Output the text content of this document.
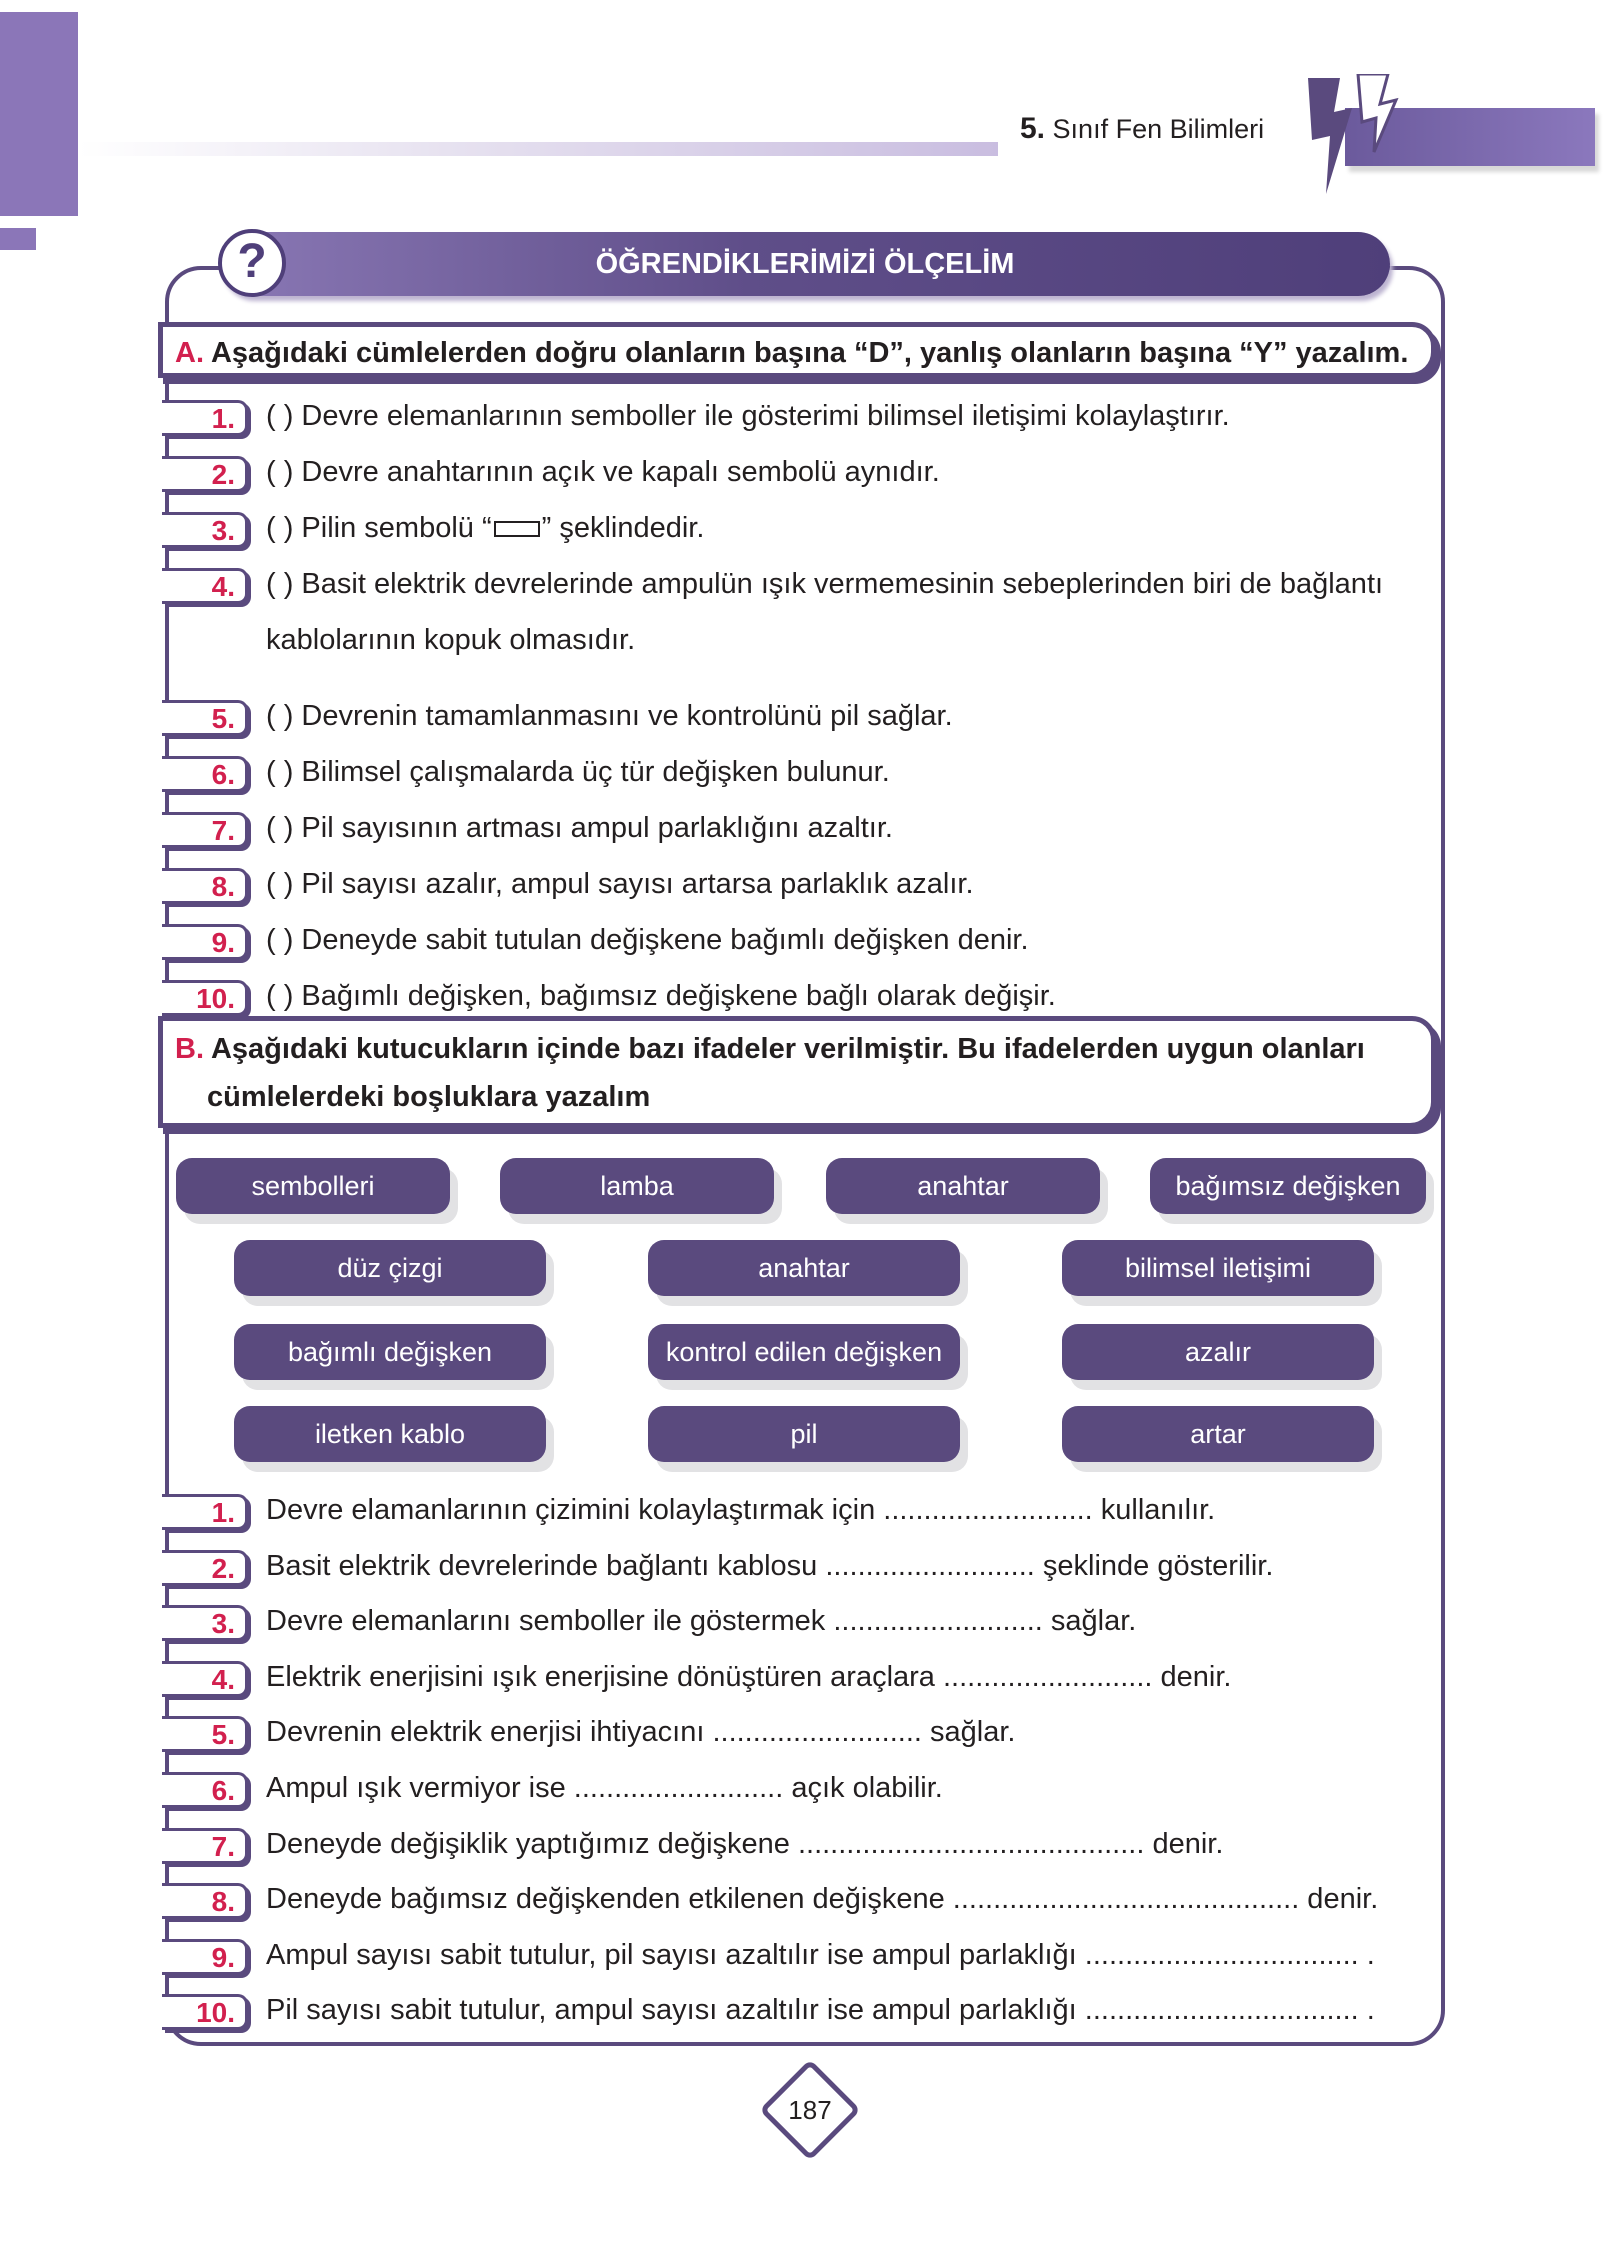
5. Sınıf Fen Bilimleri
ÖĞRENDİKLERİMİZİ ÖLÇELİM
?
A. Aşağıdaki cümlelerden doğru olanların başına “D”, yanlış olanların başına “Y” yazalım.
1. ( ) Devre elemanlarının semboller ile gösterimi bilimsel iletişimi kolaylaştırır.
2. ( ) Devre anahtarının açık ve kapalı sembolü aynıdır.
3. ( ) Pilin sembolü “ ” şeklindedir.
4. ( ) Basit elektrik devrelerinde ampulün ışık vermemesinin sebeplerinden biri de bağlantı
kablolarının kopuk olmasıdır.
5. ( ) Devrenin tamamlanmasını ve kontrolünü pil sağlar.
6. ( ) Bilimsel çalışmalarda üç tür değişken bulunur.
7. ( ) Pil sayısının artması ampul parlaklığını azaltır.
8. ( ) Pil sayısı azalır, ampul sayısı artarsa parlaklık azalır.
9. ( ) Deneyde sabit tutulan değişkene bağımlı değişken denir.
10. ( ) Bağımlı değişken, bağımsız değişkene bağlı olarak değişir.
B. Aşağıdaki kutucukların içinde bazı ifadeler verilmiştir. Bu ifadelerden uygun olanları
cümlelerdeki boşluklara yazalım
sembolleri	lamba	anahtar	bağımsız değişken
düz çizgi	anahtar	bilimsel iletişimi
bağımlı değişken	kontrol edilen değişken	azalır
iletken kablo	pil	artar
1. Devre elamanlarının çizimini kolaylaştırmak için .......................... kullanılır.
2. Basit elektrik devrelerinde bağlantı kablosu .......................... şeklinde gösterilir.
3. Devre elemanlarını semboller ile göstermek .......................... sağlar.
4. Elektrik enerjisini ışık enerjisine dönüştüren araçlara .......................... denir.
5. Devrenin elektrik enerjisi ihtiyacını .......................... sağlar.
6. Ampul ışık vermiyor ise .......................... açık olabilir.
7. Deneyde değişiklik yaptığımız değişkene ........................................... denir.
8. Deneyde bağımsız değişkenden etkilenen değişkene ........................................... denir.
9. Ampul sayısı sabit tutulur, pil sayısı azaltılır ise ampul parlaklığı .................................. .
10. Pil sayısı sabit tutulur, ampul sayısı azaltılır ise ampul parlaklığı .................................. .
187
